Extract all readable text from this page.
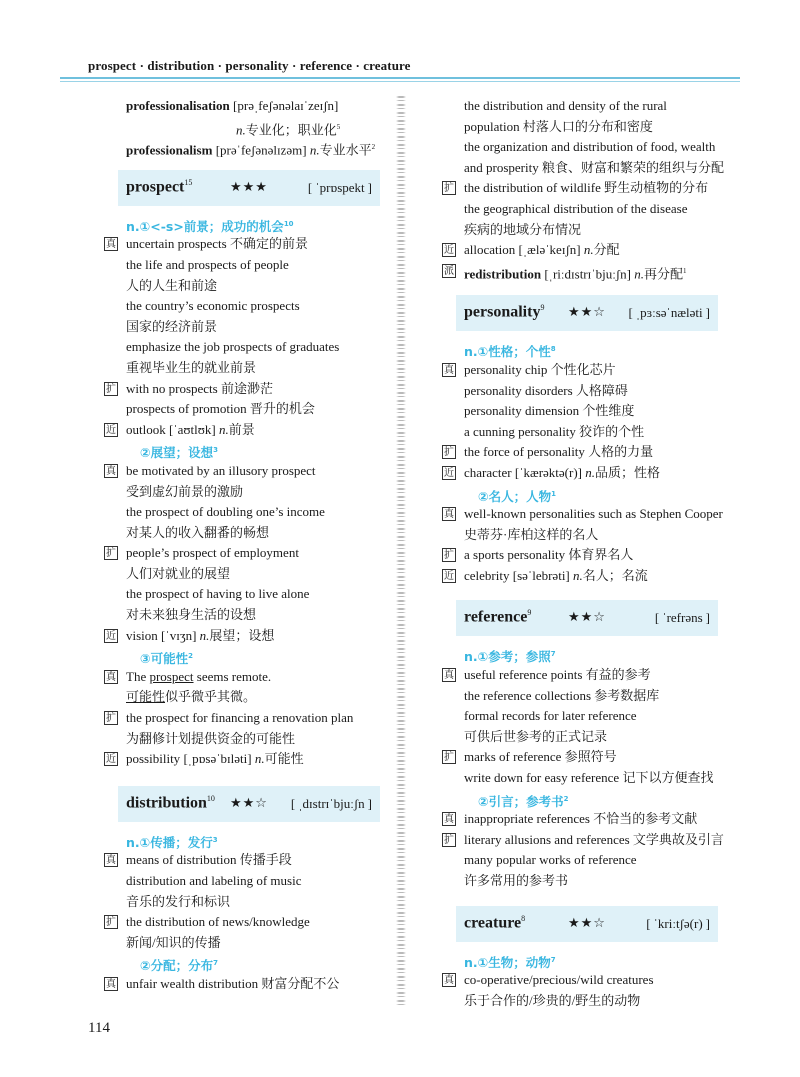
prospect · distribution · personality · reference · creature
professionalisation [prəˌfeʃənəlaɪˈzeɪʃn]
n.专业化；职业化$^5$
professionalism [prəˈfeʃənəlɪzəm] n.专业水平$^2$
prospect$^{15}$	★★★	[ ˈprɒspekt ]
n.①<-s>前景；成功的机会$^{10}$
真 uncertain prospects 不确定的前景
the life and prospects of people
人的人生和前途
the country’s economic prospects
国家的经济前景
emphasize the job prospects of graduates
重视毕业生的就业前景
扩 with no prospects 前途渺茫
prospects of promotion 晋升的机会
近 outlook [ˈaʊtlʊk] n.前景
②展望；设想$^3$
真 be motivated by an illusory prospect
受到虚幻前景的激励
the prospect of doubling one’s income
对某人的收入翻番的畅想
扩 people’s prospect of employment
人们对就业的展望
the prospect of having to live alone
对未来独身生活的设想
近 vision [ˈvɪʒn] n.展望；设想
③可能性$^2$
真 The prospect seems remote.
可能性似乎微乎其微。
扩 the prospect for financing a renovation plan
为翻修计划提供资金的可能性
近 possibility [ˌpɒsəˈbɪləti] n.可能性
distribution$^{10}$ ★★☆	[ ˌdɪstrɪˈbjuːʃn ]
n.①传播；发行$^3$
真 means of distribution 传播手段
distribution and labeling of music
音乐的发行和标识
扩 the distribution of news/knowledge
新闻/知识的传播
②分配；分布$^7$
真 unfair wealth distribution 财富分配不公
the distribution and density of the rural
population 村落人口的分布和密度
the organization and distribution of food, wealth
and prosperity 粮食、财富和繁荣的组织与分配
扩 the distribution of wildlife 野生动植物的分布
the geographical distribution of the disease
疾病的地域分布情况
近 allocation [ˌæləˈkeɪʃn] n.分配
派 redistribution [ˌriːdɪstrɪˈbjuːʃn] n.再分配$^1$
personality$^9$ ★★☆	[ ˌpɜːsəˈnæləti ]
n.①性格；个性$^8$
真 personality chip 个性化芯片
personality disorders 人格障碍
personality dimension 个性维度
a cunning personality 狡诈的个性
扩 the force of personality 人格的力量
近 character [ˈkærəktə(r)] n.品质；性格
②名人；人物$^1$
真 well-known personalities such as Stephen Cooper
史蒂芬·库柏这样的名人
扩 a sports personality 体育界名人
近 celebrity [səˈlebrəti] n.名人；名流
reference$^9$	★★☆	[ ˈrefrəns ]
n.①参考；参照$^7$
真 useful reference points 有益的参考
the reference collections 参考数据库
formal records for later reference
可供后世参考的正式记录
扩 marks of reference 参照符号
write down for easy reference 记下以方便查找
②引言；参考书$^2$
真 inappropriate references 不恰当的参考文献
扩 literary allusions and references 文学典故及引言
many popular works of reference
许多常用的参考书
creature$^8$	★★☆	[ ˈkriːtʃə(r) ]
n.①生物；动物$^7$
真 co-operative/precious/wild creatures
乐于合作的/珍贵的/野生的动物
114
